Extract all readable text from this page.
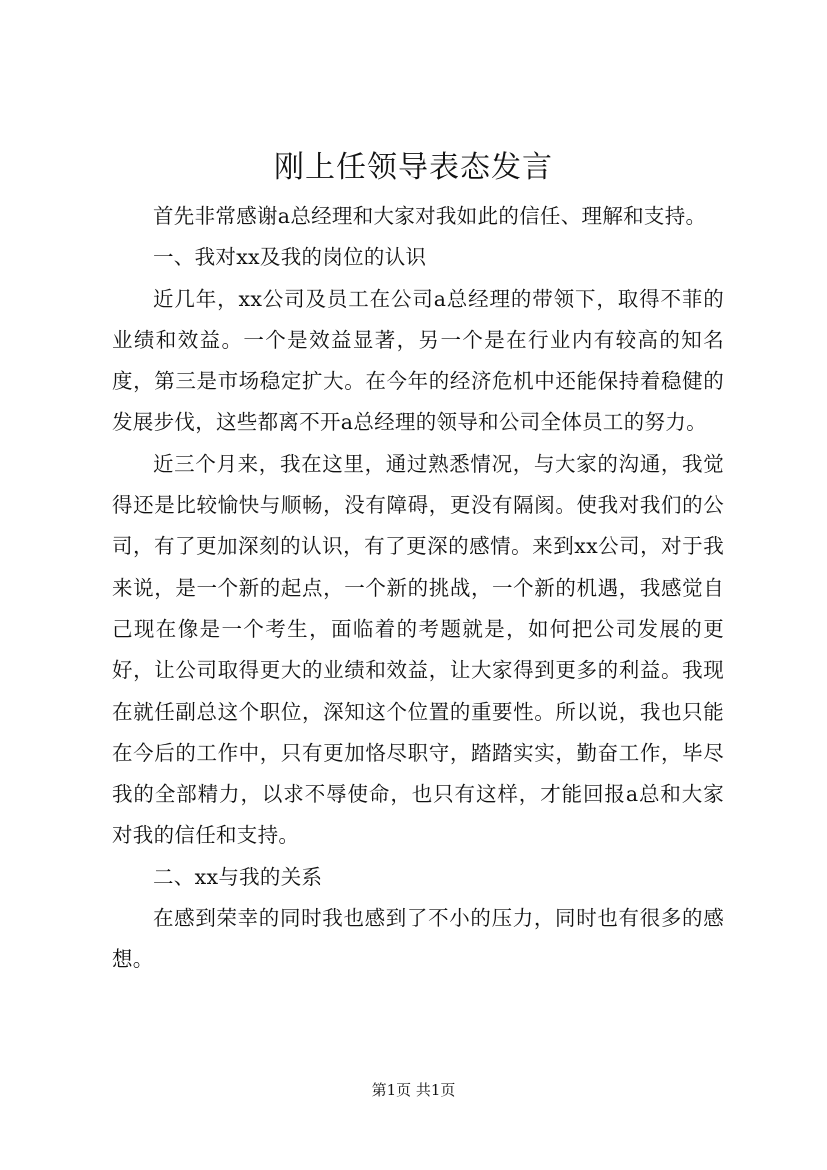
刚上任领导表态发言

首先非常感谢a总经理和大家对我如此的信任、理解和支持。

一、我对xx及我的岗位的认识

近几年，xx公司及员工在公司a总经理的带领下，取得不菲的业绩和效益。一个是效益显著，另一个是在行业内有较高的知名度，第三是市场稳定扩大。在今年的经济危机中还能保持着稳健的发展步伐，这些都离不开a总经理的领导和公司全体员工的努力。

近三个月来，我在这里，通过熟悉情况，与大家的沟通，我觉得还是比较愉快与顺畅，没有障碍，更没有隔阂。使我对我们的公司，有了更加深刻的认识，有了更深的感情。来到xx公司，对于我来说，是一个新的起点，一个新的挑战，一个新的机遇，我感觉自己现在像是一个考生，面临着的考题就是，如何把公司发展的更好，让公司取得更大的业绩和效益，让大家得到更多的利益。我现在就任副总这个职位，深知这个位置的重要性。所以说，我也只能在今后的工作中，只有更加恪尽职守，踏踏实实，勤奋工作，毕尽我的全部精力，以求不辱使命，也只有这样，才能回报a总和大家对我的信任和支持。

二、xx与我的关系

在感到荣幸的同时我也感到了不小的压力，同时也有很多的感想。

第1页 共1页
